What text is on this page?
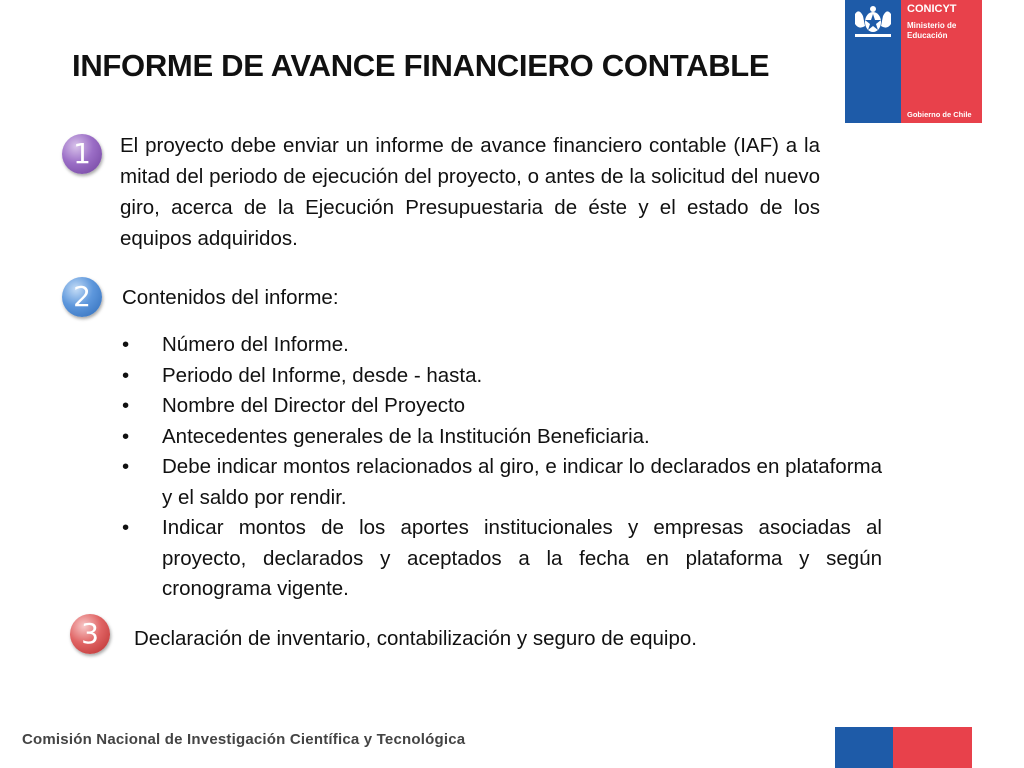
CONICYT
Ministerio de
Educación
Gobierno de Chile
INFORME DE AVANCE FINANCIERO CONTABLE
1	El proyecto debe enviar un informe de avance financiero contable (IAF) a la mitad del periodo de ejecución del proyecto, o antes de la solicitud del nuevo giro, acerca de la Ejecución Presupuestaria de éste y el estado de los equipos adquiridos.

2	Contenidos del informe:

• Número del Informe.
• Periodo del Informe, desde - hasta.
• Nombre del Director del Proyecto
• Antecedentes generales de la Institución Beneficiaria.
• Debe indicar montos relacionados al giro, e indicar lo declarados en plataforma y el saldo por rendir.
• Indicar montos de los aportes institucionales y empresas asociadas al proyecto, declarados y aceptados a la fecha en plataforma y según cronograma vigente.
3	Declaración de inventario, contabilización y seguro de equipo.

Comisión Nacional de Investigación Científica y Tecnológica
